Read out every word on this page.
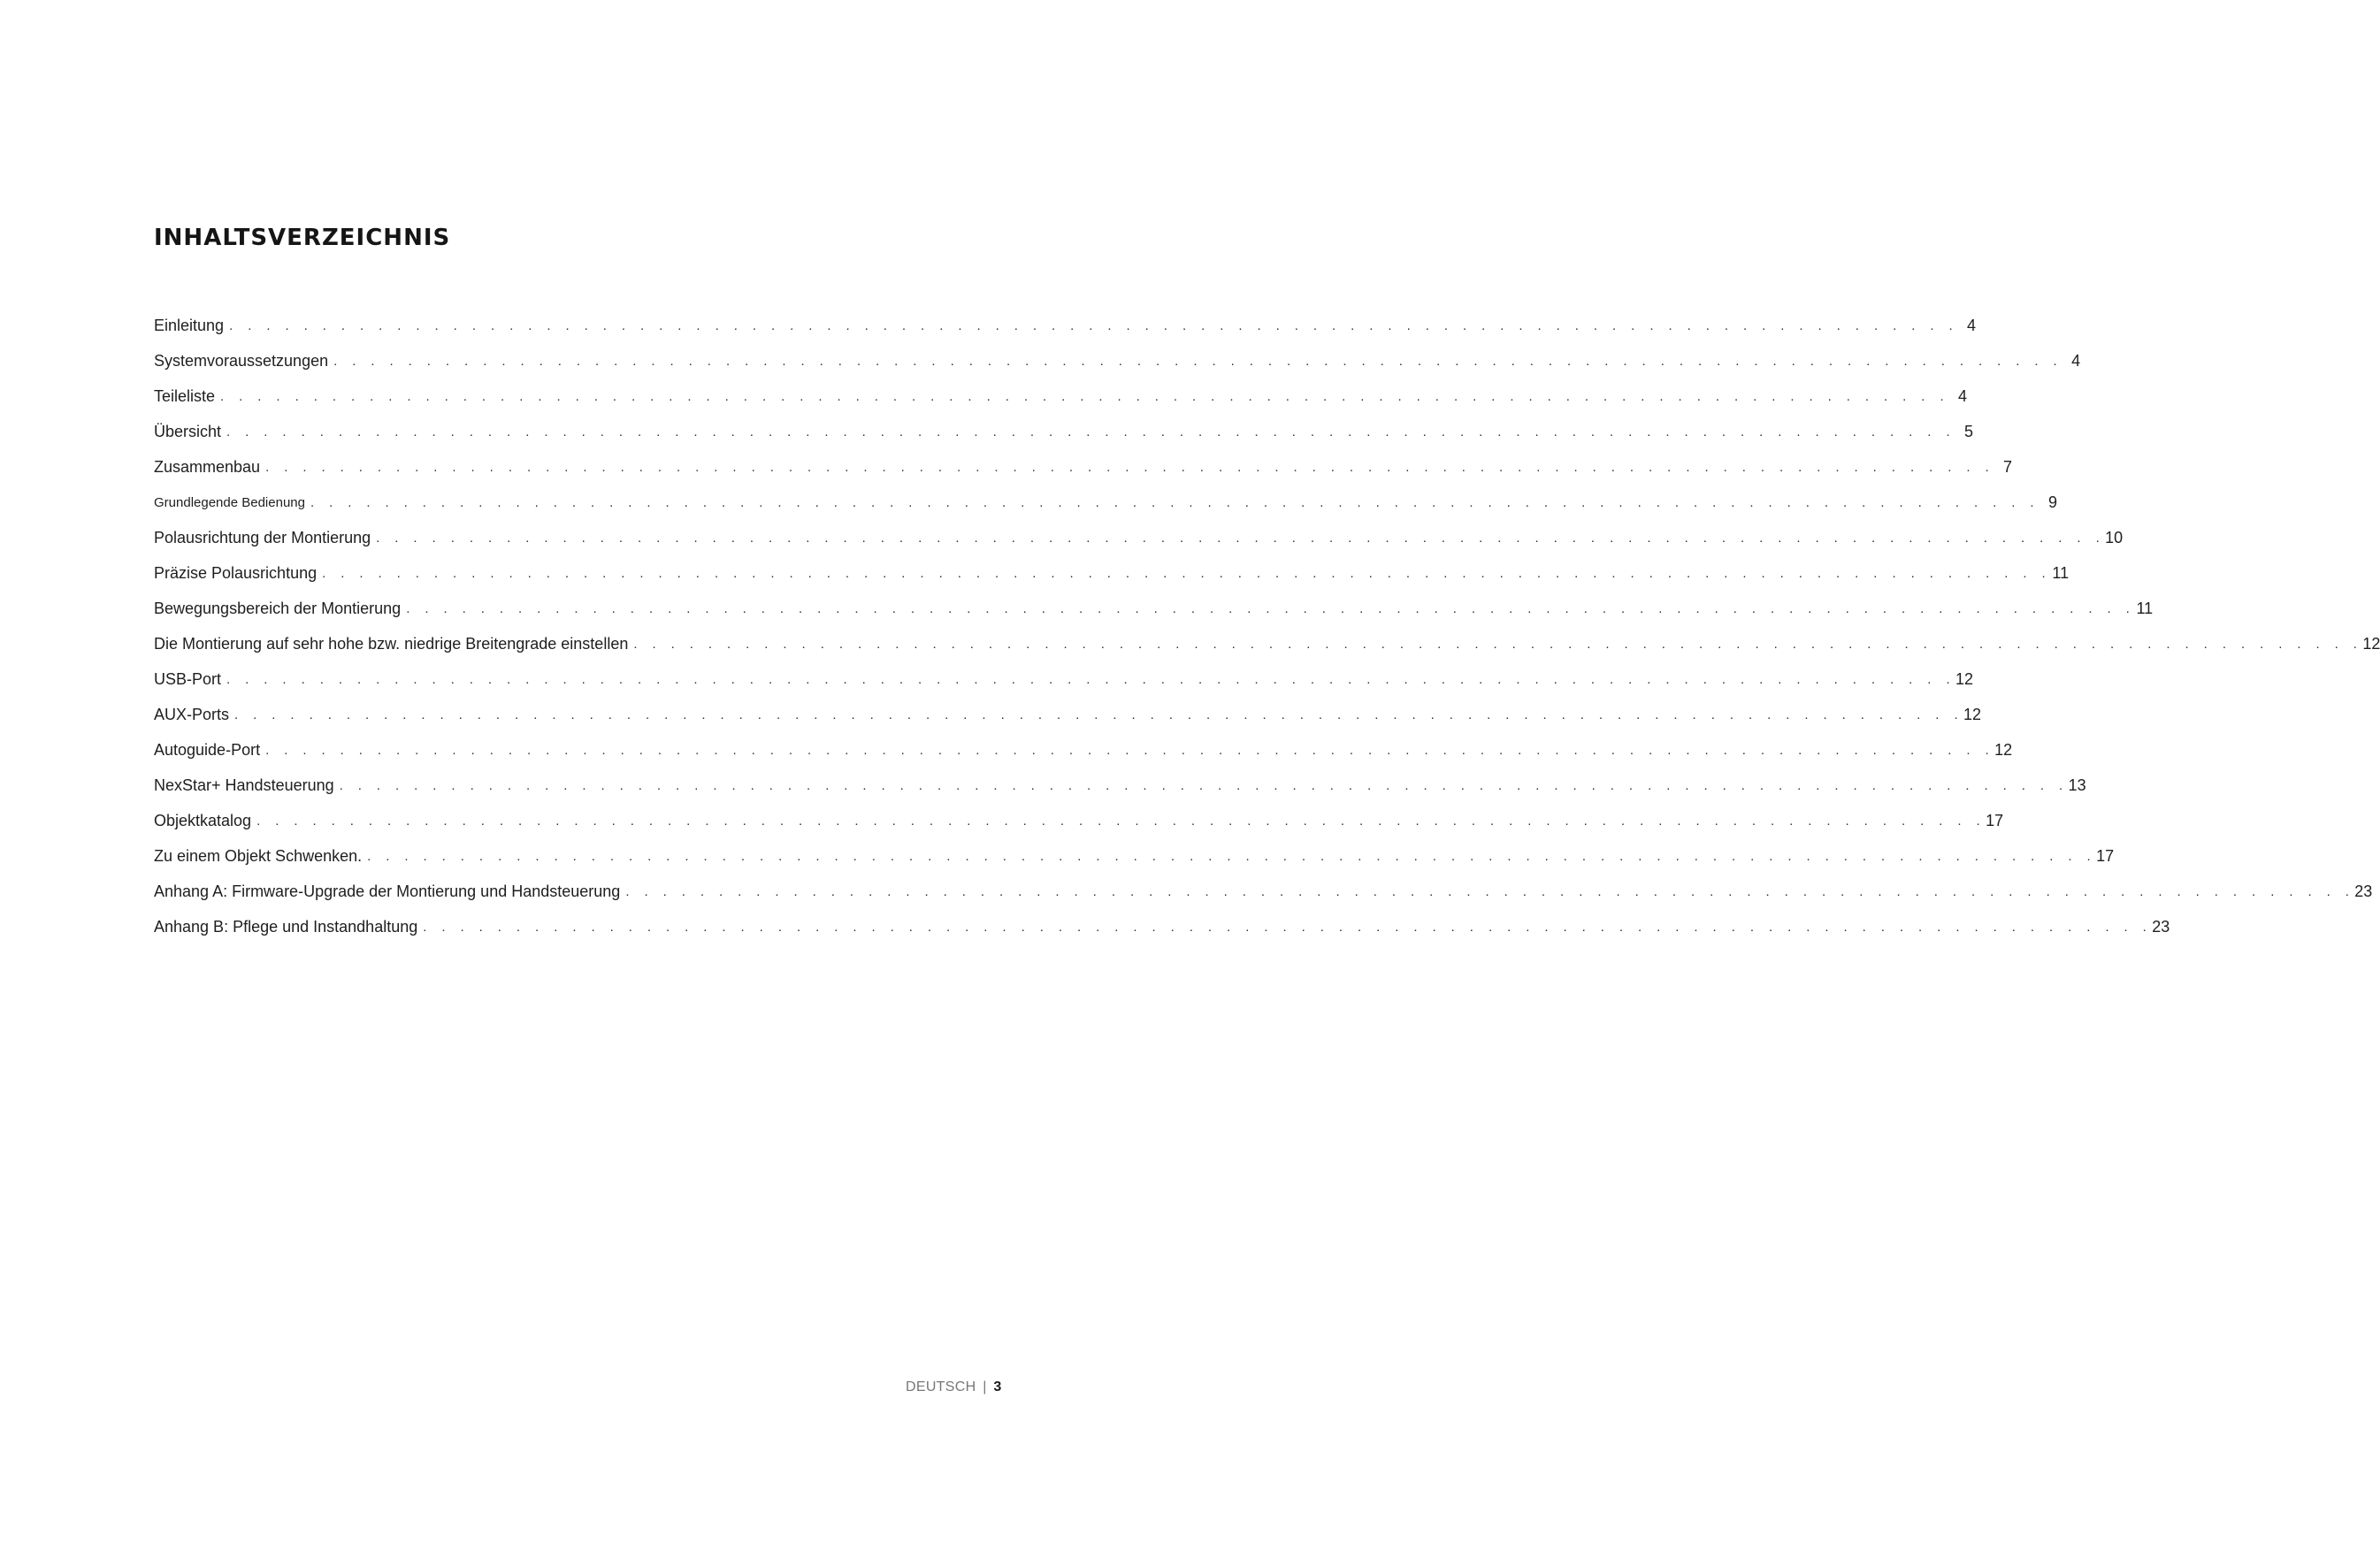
INHALTSVERZEICHNIS
Einleitung . . . . . . . . . . . . . . . . . . . . . . . . . . . . . . . . . . . . . . . . . . . . . . . . . . . . . . . . . . . . . . . . . . . . . . . . . . . . . . . . . . . . . . . . . . . . . 4
Systemvoraussetzungen . . . . . . . . . . . . . . . . . . . . . . . . . . . . . . . . . . . . . . . . . . . . . . . . . . . . . . . . . . . . . . . . . . . . . . . . . . . . . . . . . . . . . . . . . . . . . 4
Teileliste . . . . . . . . . . . . . . . . . . . . . . . . . . . . . . . . . . . . . . . . . . . . . . . . . . . . . . . . . . . . . . . . . . . . . . . . . . . . . . . . . . . . . . . . . . . . . 4
Übersicht . . . . . . . . . . . . . . . . . . . . . . . . . . . . . . . . . . . . . . . . . . . . . . . . . . . . . . . . . . . . . . . . . . . . . . . . . . . . . . . . . . . . . . . . . . . . . 5
Zusammenbau . . . . . . . . . . . . . . . . . . . . . . . . . . . . . . . . . . . . . . . . . . . . . . . . . . . . . . . . . . . . . . . . . . . . . . . . . . . . . . . . . . . . . . . . . . . . . 7
Grundlegende Bedienung . . . . . . . . . . . . . . . . . . . . . . . . . . . . . . . . . . . . . . . . . . . . . . . . . . . . . . . . . . . . . . . . . . . . . . . . . . . . . . . . . . . . . . . . . . . . . 9
Polausrichtung der Montierung . . . . . . . . . . . . . . . . . . . . . . . . . . . . . . . . . . . . . . . . . . . . . . . . . . . . . . . . . . . . . . . . . . . . . . . . . . . . . . . . . . . . . . . . . . . . . 10
Präzise Polausrichtung . . . . . . . . . . . . . . . . . . . . . . . . . . . . . . . . . . . . . . . . . . . . . . . . . . . . . . . . . . . . . . . . . . . . . . . . . . . . . . . . . . . . . . . . . . . . . 11
Bewegungsbereich der Montierung . . . . . . . . . . . . . . . . . . . . . . . . . . . . . . . . . . . . . . . . . . . . . . . . . . . . . . . . . . . . . . . . . . . . . . . . . . . . . . . . . . . . . . . . . . . . . 11
Die Montierung auf sehr hohe bzw. niedrige Breitengrade einstellen . . . . . . . . . . . . . . . . . . . . . . . . . . . . . . . . . . . . . . . . . . . . . . . . . . . . . . . . . . . . . . . . . . . . . . . . . . . . . . . . . . . . . . . . . . . . . 12
USB-Port . . . . . . . . . . . . . . . . . . . . . . . . . . . . . . . . . . . . . . . . . . . . . . . . . . . . . . . . . . . . . . . . . . . . . . . . . . . . . . . . . . . . . . . . . . . . . 12
AUX-Ports . . . . . . . . . . . . . . . . . . . . . . . . . . . . . . . . . . . . . . . . . . . . . . . . . . . . . . . . . . . . . . . . . . . . . . . . . . . . . . . . . . . . . . . . . . . . . 12
Autoguide-Port . . . . . . . . . . . . . . . . . . . . . . . . . . . . . . . . . . . . . . . . . . . . . . . . . . . . . . . . . . . . . . . . . . . . . . . . . . . . . . . . . . . . . . . . . . . . . 12
NexStar+ Handsteuerung . . . . . . . . . . . . . . . . . . . . . . . . . . . . . . . . . . . . . . . . . . . . . . . . . . . . . . . . . . . . . . . . . . . . . . . . . . . . . . . . . . . . . . . . . . . . . 13
Objektkatalog . . . . . . . . . . . . . . . . . . . . . . . . . . . . . . . . . . . . . . . . . . . . . . . . . . . . . . . . . . . . . . . . . . . . . . . . . . . . . . . . . . . . . . . . . . . . . 17
Zu einem Objekt Schwenken. . . . . . . . . . . . . . . . . . . . . . . . . . . . . . . . . . . . . . . . . . . . . . . . . . . . . . . . . . . . . . . . . . . . . . . . . . . . . . . . . . . . . . . . . . . . . . 17
Anhang A: Firmware-Upgrade der Montierung und Handsteuerung . . . . . . . . . . . . . . . . . . . . . . . . . . . . . . . . . . . . . . . . . . . . . . . . . . . . . . . . . . . . . . . . . . . . . . . . . . . . . . . . . . . . . . . . . . . . . 23
Anhang B: Pflege und Instandhaltung . . . . . . . . . . . . . . . . . . . . . . . . . . . . . . . . . . . . . . . . . . . . . . . . . . . . . . . . . . . . . . . . . . . . . . . . . . . . . . . . . . . . . . . . . . . . . 23
DEUTSCH | 3
